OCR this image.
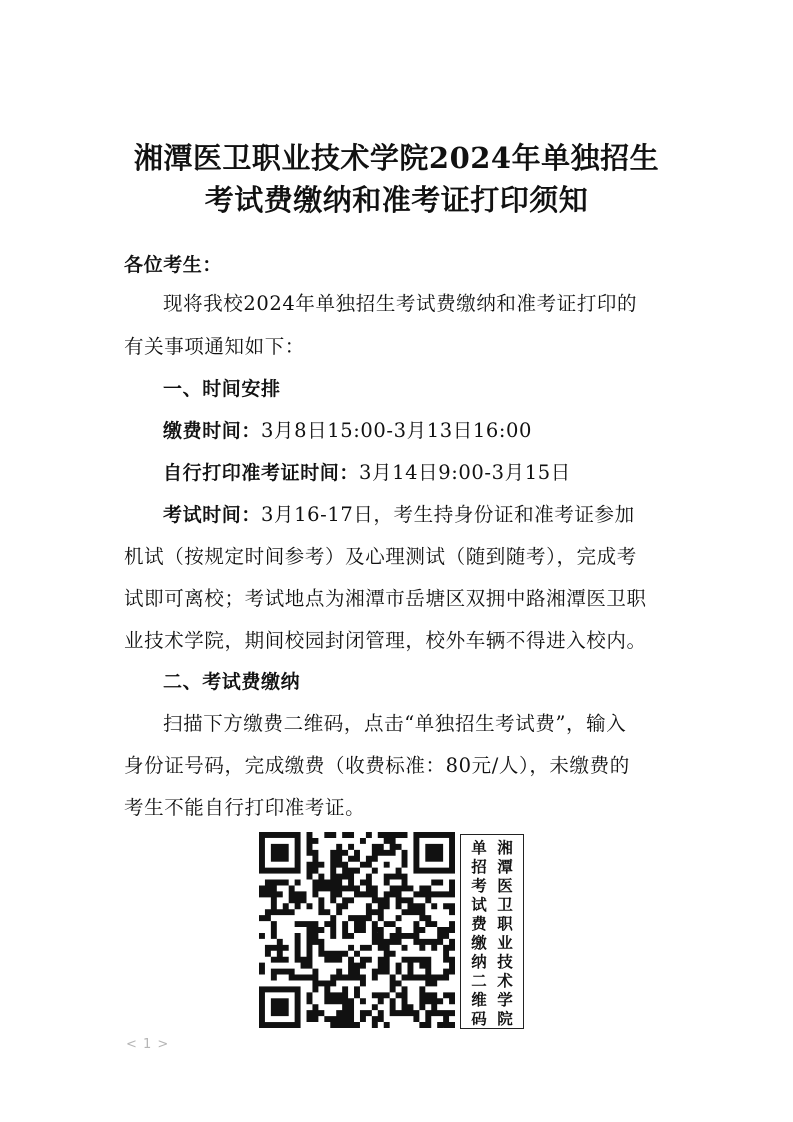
湘潭医卫职业技术学院2024年单独招生
考试费缴纳和准考证打印须知
各位考生：
现将我校2024年单独招生考试费缴纳和准考证打印的
有关事项通知如下：
一、时间安排
缴费时间：3月8日15:00-3月13日16:00
自行打印准考证时间：3月14日9:00-3月15日
考试时间：3月16-17日，考生持身份证和准考证参加
机试（按规定时间参考）及心理测试（随到随考），完成考
试即可离校；考试地点为湘潭市岳塘区双拥中路湘潭医卫职
业技术学院，期间校园封闭管理，校外车辆不得进入校内。
二、考试费缴纳
扫描下方缴费二维码，点击“单独招生考试费”，输入
身份证号码，完成缴费（收费标准：80元/人），未缴费的
考生不能自行打印准考证。
湘
潭
医
卫
职
业
技
术
学
院
单
招
考
试
费
缴
纳
二
维
码
< 1 >
